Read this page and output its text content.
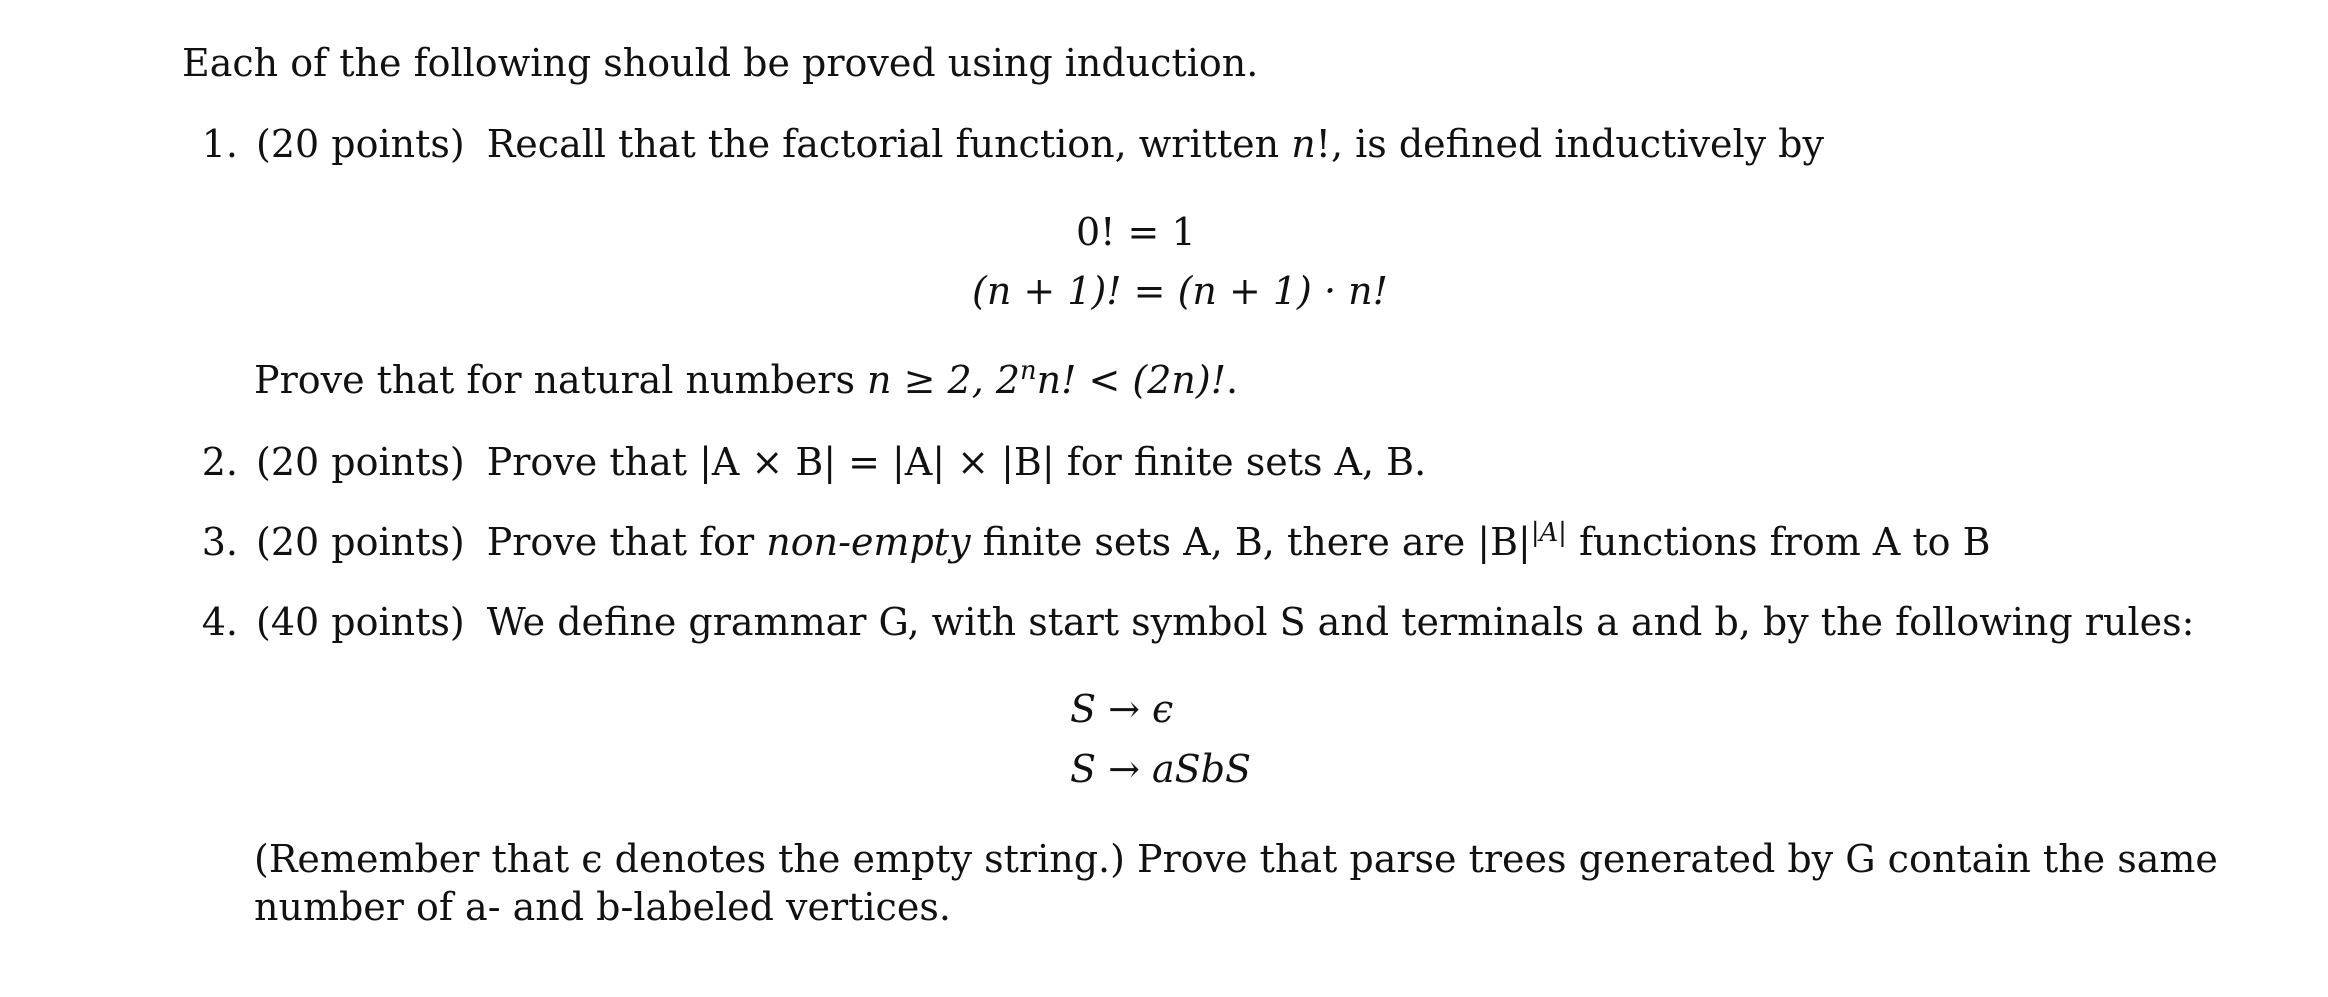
Each of the following should be proved using induction.
1. (20 points) Recall that the factorial function, written n!, is defined inductively by
0! = 1
(n + 1)! = (n + 1) · n!
Prove that for natural numbers n ≥ 2, $2^nn$! < (2n)!.
2. (20 points) Prove that |A × B| = |A| × |B| for finite sets A, B.
3. (20 points) Prove that for non-empty finite sets A, B, there are $|B|^{|A|}$ functions from A to B
4. (40 points) We define grammar G, with start symbol S and terminals a and b, by the following rules:
S → ϵ
S → aSbS
(Remember that ϵ denotes the empty string.) Prove that parse trees generated by G contain the same
number of a- and b-labeled vertices.
